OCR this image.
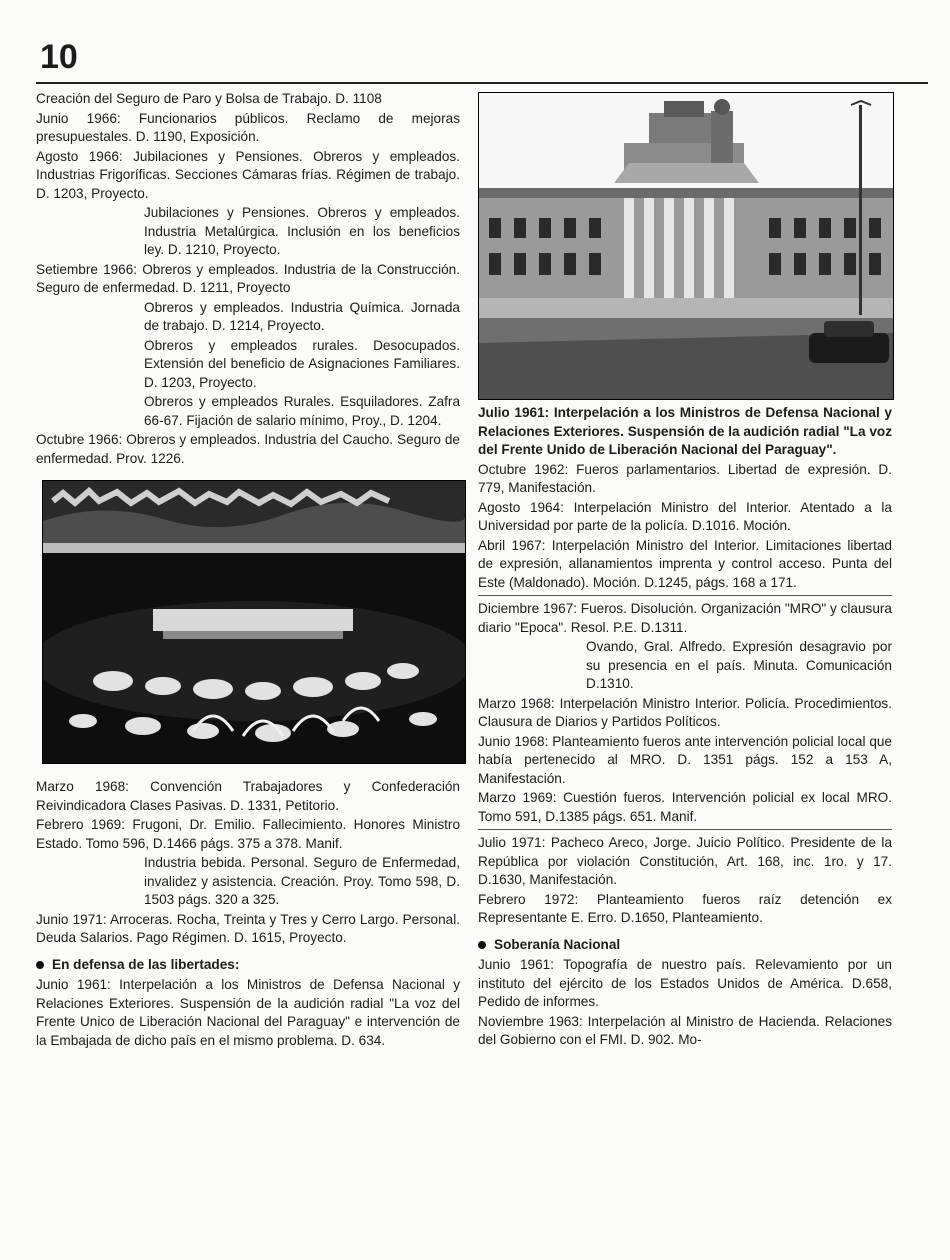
10

Creación del Seguro de Paro y Bolsa de Trabajo. D. 1108

Junio 1966: Funcionarios públicos. Reclamo de mejoras presupuestales. D. 1190, Exposición.

Agosto 1966: Jubilaciones y Pensiones. Obreros y empleados. Industrias Frigoríficas. Secciones Cámaras frías. Régimen de trabajo. D. 1203, Proyecto.

Jubilaciones y Pensiones. Obreros y empleados. Industria Metalúrgica. Inclusión en los beneficios ley. D. 1210, Proyecto.

Setiembre 1966: Obreros y empleados. Industria de la Construcción. Seguro de enfermedad. D. 1211, Proyecto

Obreros y empleados. Industria Química. Jornada de trabajo. D. 1214, Proyecto.

Obreros y empleados rurales. Desocupados. Extensión del beneficio de Asignaciones Familiares. D. 1203, Proyecto.

Obreros y empleados Rurales. Esquiladores. Zafra 66-67. Fijación de salario mínimo, Proy., D. 1204.

Octubre 1966: Obreros y empleados. Industria del Caucho. Seguro de enfermedad. Prov. 1226.

Marzo 1968: Convención Trabajadores y Confederación Reivindicadora Clases Pasivas. D. 1331, Petitorio.

Febrero 1969: Frugoni, Dr. Emilio. Fallecimiento. Honores Ministro Estado. Tomo 596, D.1466 págs. 375 a 378. Manif.

Industria bebida. Personal. Seguro de Enfermedad, invalidez y asistencia. Creación. Proy. Tomo 598, D. 1503 págs. 320 a 325.

Junio 1971: Arroceras. Rocha, Treinta y Tres y Cerro Largo. Personal. Deuda Salarios. Pago Régimen. D. 1615, Proyecto.

En defensa de las libertades:

Junio 1961: Interpelación a los Ministros de Defensa Nacional y Relaciones Exteriores. Suspensión de la audición radial "La voz del Frente Unico de Liberación Nacional del Paraguay" e intervención de la Embajada de dicho país en el mismo problema. D. 634.

Julio 1961: Interpelación a los Ministros de Defensa Nacional y Relaciones Exteriores. Suspensión de la audición radial "La voz del Frente Unido de Liberación Nacional del Paraguay".

Octubre 1962: Fueros parlamentarios. Libertad de expresión. D. 779, Manifestación.

Agosto 1964: Interpelación Ministro del Interior. Atentado a la Universidad por parte de la policía. D.1016. Moción.

Abril 1967: Interpelación Ministro del Interior. Limitaciones libertad de expresión, allanamientos imprenta y control acceso. Punta del Este (Maldonado). Moción. D.1245, págs. 168 a 171.

Diciembre 1967: Fueros. Disolución. Organización "MRO" y clausura diario "Epoca". Resol. P.E. D.1311.

Ovando, Gral. Alfredo. Expresión desagravio por su presencia en el país. Minuta. Comunicación D.1310.

Marzo 1968: Interpelación Ministro Interior. Policía. Procedimientos. Clausura de Diarios y Partidos Políticos.

Junio 1968: Planteamiento fueros ante intervención policial local que había pertenecido al MRO. D. 1351 págs. 152 a 153 A, Manifestación.

Marzo 1969: Cuestión fueros. Intervención policial ex local MRO. Tomo 591, D.1385 págs. 651. Manif.

Julio 1971: Pacheco Areco, Jorge. Juicio Político. Presidente de la República por violación Constitución, Art. 168, inc. 1ro. y 17. D.1630, Manifestación.

Febrero 1972: Planteamiento fueros raíz detención ex Representante E. Erro. D.1650, Planteamiento.

Soberanía Nacional

Junio 1961: Topografía de nuestro país. Relevamiento por un instituto del ejército de los Estados Unidos de América. D.658, Pedido de informes.

Noviembre 1963: Interpelación al Ministro de Hacienda. Relaciones del Gobierno con el FMI. D. 902. Mo-
